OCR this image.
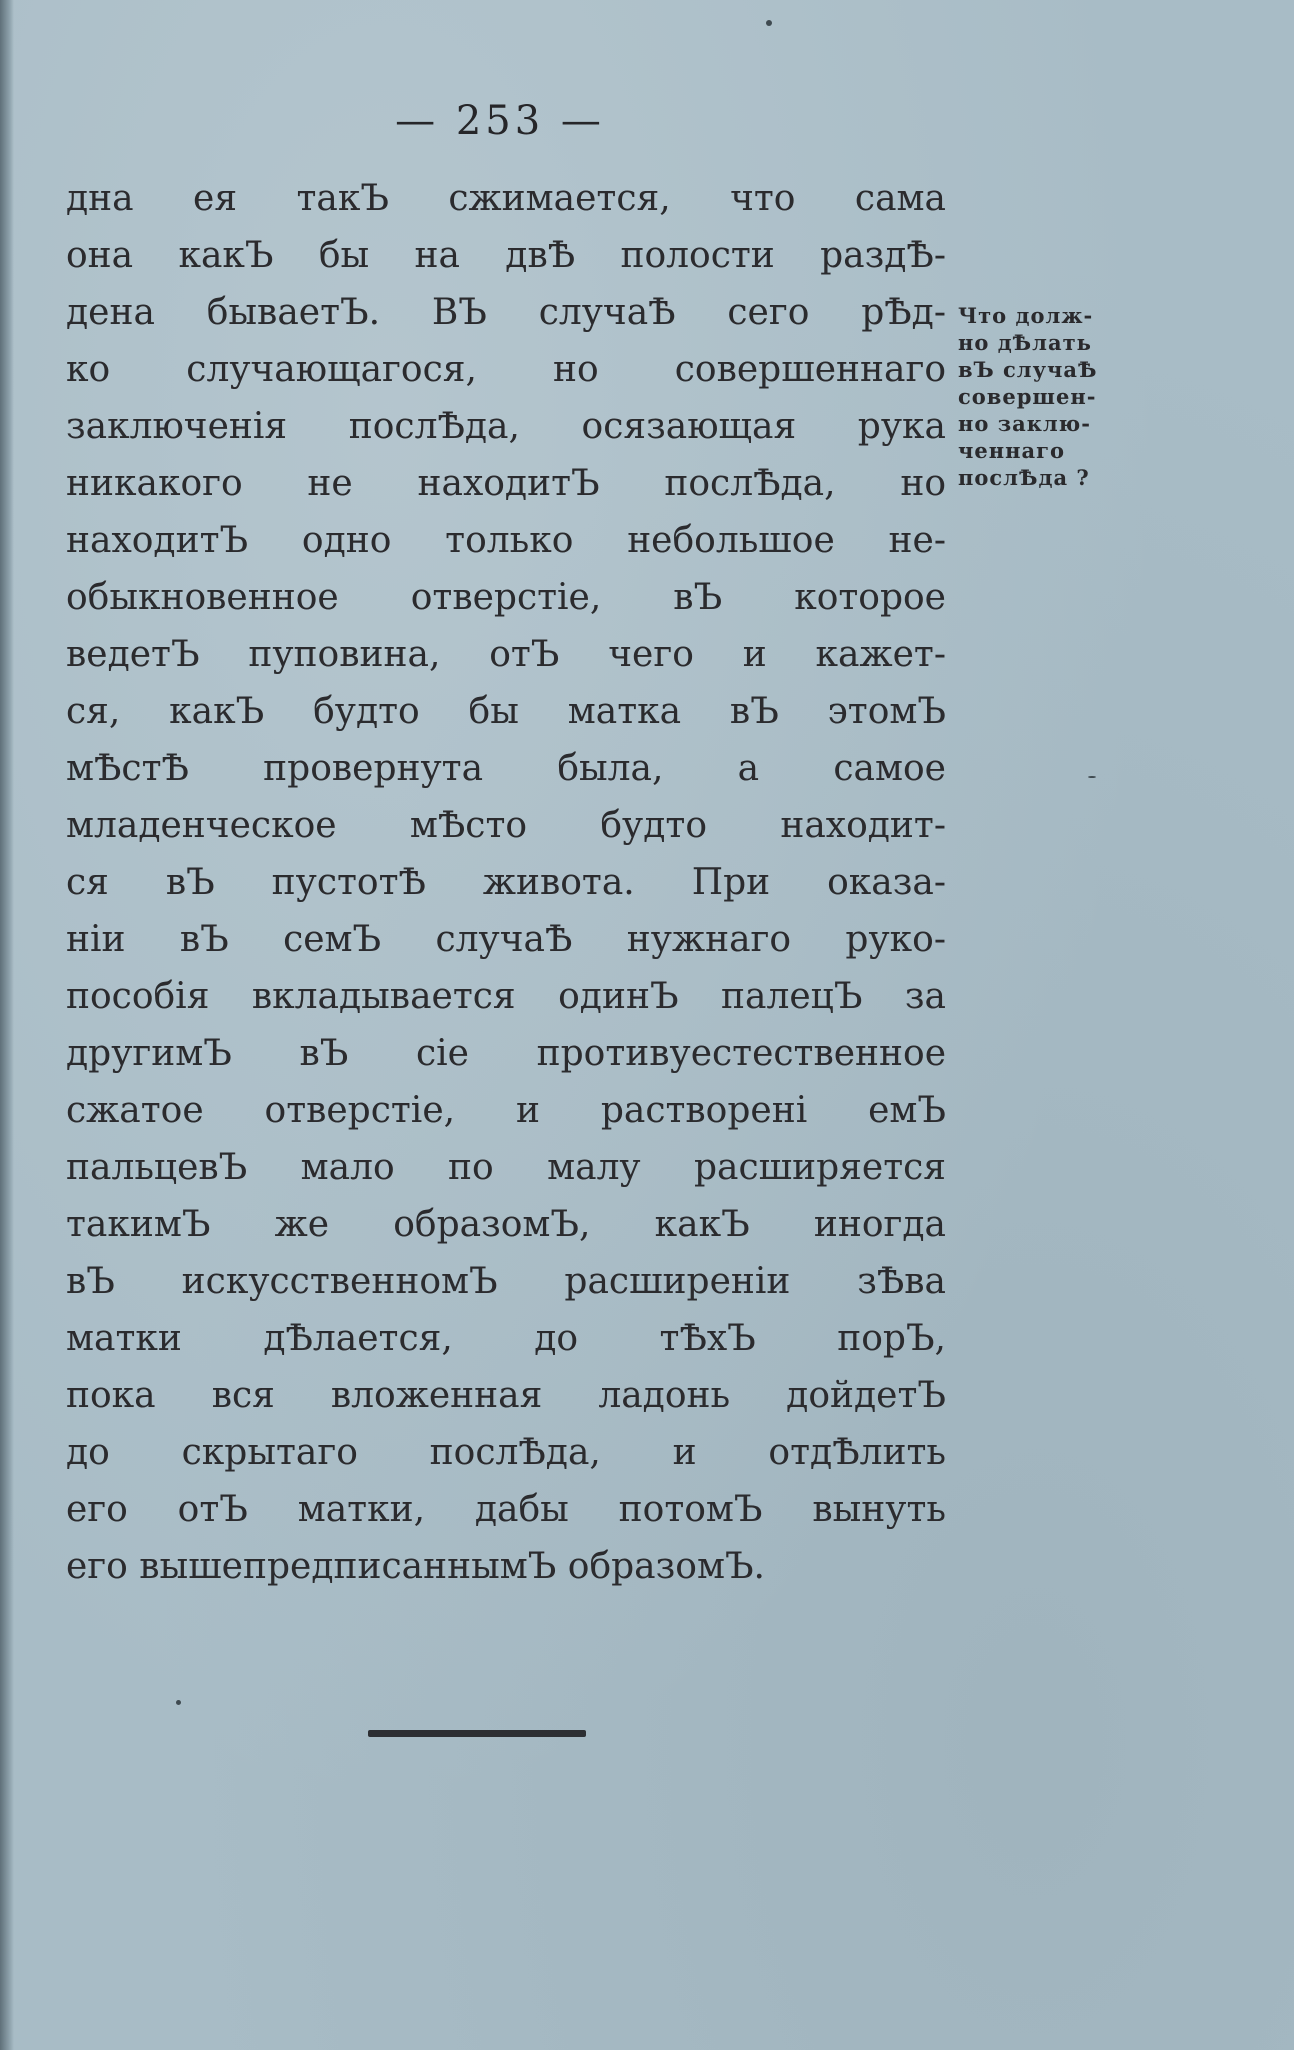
— 253 —
дна ея такЪ сжимается, что сама
она какЪ бы на двѢ полости раздѢ-
дена бываетЪ. ВЪ случаѢ сего рѢд-
ко случающагося, но совершеннаго
заключенія послѢда, осязающая рука
никакого не находитЪ послѢда, но
находитЪ одно только небольшое не-
обыкновенное отверстіе, вЪ которое
ведетЪ пуповина, отЪ чего и кажет-
ся, какЪ будто бы матка вЪ этомЪ
мѢстѢ провернута была, а самое
младенческое мѢсто будто находит-
ся вЪ пустотѢ живота. При оказа-
ніи вЪ семЪ случаѢ нужнаго руко-
пособія вкладывается одинЪ палецЪ за
другимЪ вЪ сіе противуестественное
сжатое отверстіе, и растворені емЪ
пальцевЪ мало по малу расширяется
такимЪ же образомЪ, какЪ иногда
вЪ искусственномЪ расширеніи зѢва
матки дѢлается, до тѢхЪ порЪ,
пока вся вложенная ладонь дойдетЪ
до скрытаго послѢда, и отдѢлить
его отЪ матки, дабы потомЪ вынуть
его вышепредписаннымЪ образомЪ.
Что долж-
но дѢлать
вЪ случаѢ
совершен-
но заклю-
ченнаго
послѢда ?
